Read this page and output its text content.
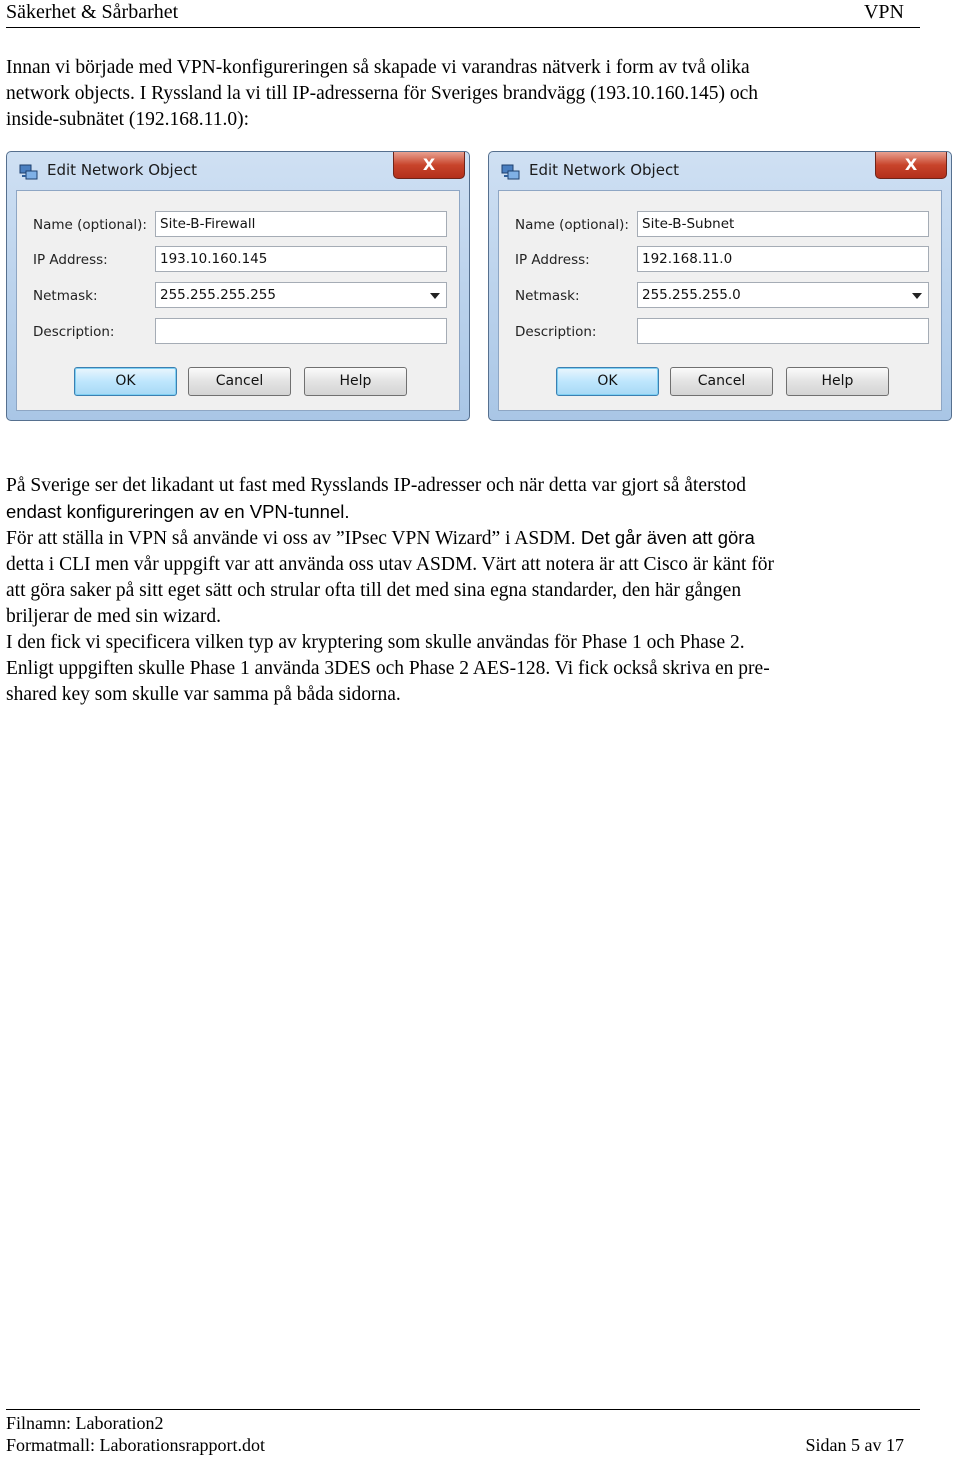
Säkerhet & Sårbarhet	VPN

Innan vi började med VPN-konfigureringen så skapade vi varandras nätverk i form av två olika

network objects. I Ryssland la vi till IP-adresserna för Sveriges brandvägg (193.10.160.145) och

inside-subnätet (192.168.11.0):

Edit Network Object	X
Name (optional): Site-B-Firewall
IP Address:	193.10.160.145
Netmask:	255.255.255.255
Description:
OK	Cancel	Help
Edit Network Object	X
Name (optional): Site-B-Subnet
IP Address:	192.168.11.0
Netmask:	255.255.255.0
Description:
OK	Cancel	Help

På Sverige ser det likadant ut fast med Rysslands IP-adresser och när detta var gjort så återstod

endast konfigureringen av en VPN-tunnel.

För att ställa in VPN så använde vi oss av ”IPsec VPN Wizard” i ASDM. Det går även att göra

detta i CLI men vår uppgift var att använda oss utav ASDM. Värt att notera är att Cisco är känt för

att göra saker på sitt eget sätt och strular ofta till det med sina egna standarder, den här gången

briljerar de med sin wizard.

I den fick vi specificera vilken typ av kryptering som skulle användas för Phase 1 och Phase 2.

Enligt uppgiften skulle Phase 1 använda 3DES och Phase 2 AES-128. Vi fick också skriva en pre-

shared key som skulle var samma på båda sidorna.

Filnamn: Laboration2
Formatmall: Laborationsrapport.dot	Sidan 5 av 17
